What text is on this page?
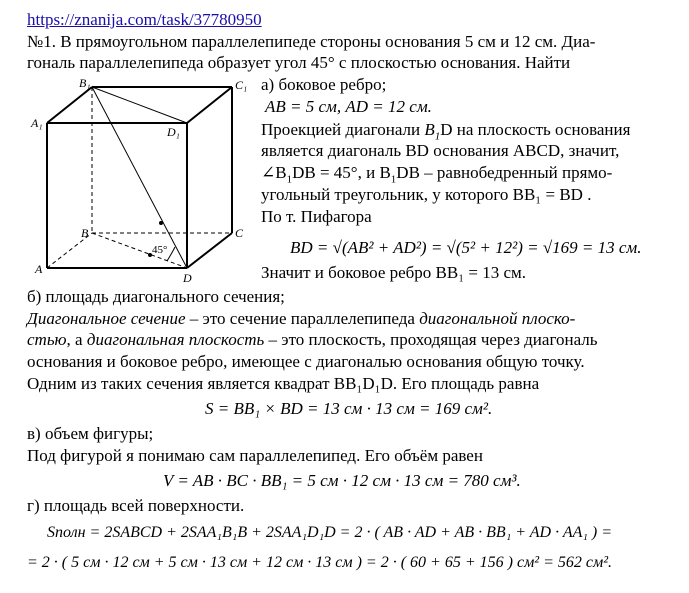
https://znanija.com/task/37780950
№1. В прямоугольном параллелепипеде стороны основания 5 см и 12 см. Диа-
гональ параллелепипеда образует угол 45° с плоскостью основания. Найти
B₁	C₁
A₁
D₁
B	C
A
D
45°
а) боковое ребро;
AB = 5 см, AD = 12 см.
Проекцией диагонали $B_1D$ на плоскость основания
является диагональ BD основания ABCD, значит,
$\angle B_1DB = 45^\circ$, и $B_1DB$ – равнобедренный прямо-
угольный треугольник, у которого BB₁ = BD .
По т. Пифагора
BD = √(AB² + AD²) = √(5² + 12²) = √169 = 13 см.
Значит и боковое ребро BB₁ = 13 см.
б) площадь диагонального сечения;
Диагональное сечение – это сечение параллелепипеда диагональной плоско-
стью, а диагональная плоскость – это плоскость, проходящая через диагональ
основания и боковое ребро, имеющее с диагональю основания общую точку.
Одним из таких сечения является квадрат BB₁D₁D. Его площадь равна
S = BB₁ × BD = 13 см · 13 см = 169 см².
в) объем фигуры;
Под фигурой я понимаю сам параллелепипед. Его объём равен
V = AB · BC · BB₁ = 5 см · 12 см · 13 см = 780 см³.
г) площадь всей поверхности.
Sполн = 2SABCD + 2SAA₁B₁B + 2SAA₁D₁D = 2 · ( AB · AD + AB · BB₁ + AD · AA₁ ) =
= 2 · ( 5 см · 12 см + 5 см · 13 см + 12 см · 13 см ) = 2 · ( 60 + 65 + 156 ) см² = 562 см².
